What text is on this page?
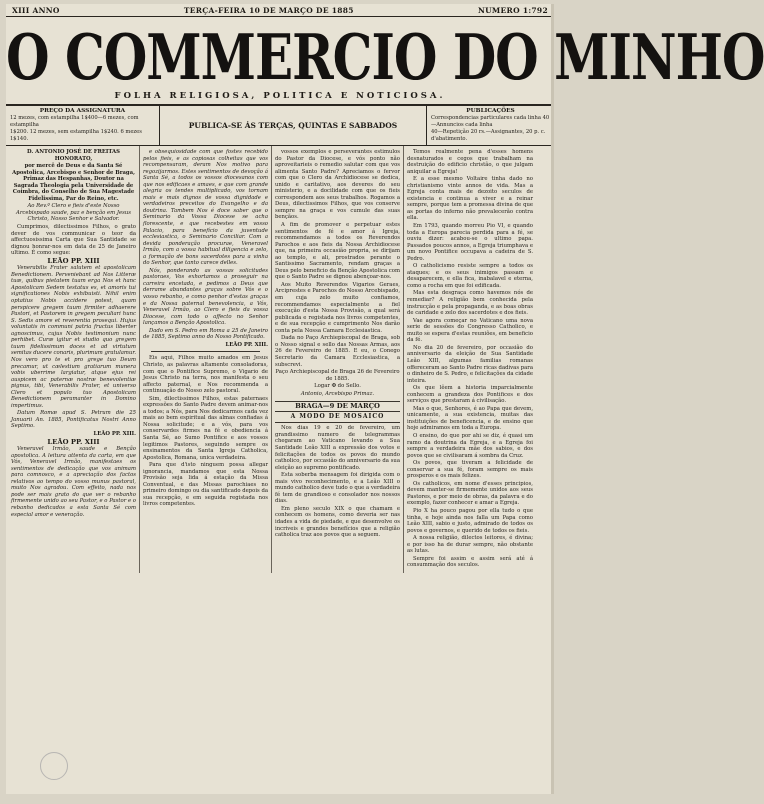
XIII ANNO	TERÇA-FEIRA 10 DE MARÇO DE 1885	NUMERO 1:792
O COMMERCIO DO MINHO
FOLHA RELIGIOSA, POLITICA E NOTICIOSA.
PREÇO DA ASSIGNATURA
12 mezes, com estampilha 1$400—6 mezes, com estampilha
1$200. 12 mezes, sem estampilha 1$240. 6 mezes 1$140.
PUBLICA-SE ÁS TERÇAS, QUINTAS E SABBADOS
PUBLICAÇÕES
Correspondencias particulares cada linha 40—Annuncios cada linha
40—Repetição 20 rs.—Assignantes, 20 p. c. d'abatimento.

D. ANTONIO JOSÉ DE FREITAS HONORATO,

por mercê de Deus e da Santa Sé Apostolica, Arcebispo e Senhor de Braga, Primaz das Hespanhas, Doutor na Sagrada Theologia pela Universidade de Coimbra, do Conselho de Sua Magestade Fidelissima, Par do Reino, etc.

Ao Rev.º Clero e fieis d'este Nosso Arcebispado saude, paz e benção em Jesus Christo, Nosso Senhor e Salvador.

Cumprimos, dilectissimos Filhos, o grato dever de vos communicar o teor da affectuosissima Carta que Sua Santidade se dignou honrar-nos em data de 25 de Janeiro ultimo. É como segue:

LEÃO PP. XIII

Venerabilis Frater salutem et apostolicam Benedictionem. Perveniebant ad Nos Litteræ tuæ, quibus pietatem tuam erga Nos et hanc Apostolicam Sedem testatus es, et amoris tui significationes Nobis exhibuisti. Nihil enim optatius Nobis accidere potest, quam perspicere gregem tuum firmiter adhaerere Pastori, et Pastorem in gregem peculiari hunc S. Sedis amore et reverentia prosequi. Hujus voluntatis in communi patria fructus liberter agnoscimus, cujus Nobis testimonium nunc perhibet. Curæ igitur et studio quo gregem tuum fidelissimum doces et ad virtutum semitas ducere conaris, plurimum gratulamur. Nos vero pro te et pro grege tuo Deum precamur, ut cælestium gratiarum munera vobis uberrime largiatur, atque ejus rei auspicem ac paternæ nostræ benevolentiæ pignus, tibi, Venerabilis Frater, et universo Clero et populo tuo Apostolicam Benedictionem peramanter in Domino impertimus.

Datum Romæ apud S. Petrum die 25 Januarii An. 1885, Pontificatus Nostri Anno Septimo.

LEÃO PP. XIII.

LEÃO PP. XIII

Veneravel Irmão, saude e Benção apostolica. A leitura attenta da carta, em que Vós, Veneravel Irmão, manifestaes os sentimentos de dedicação que vos animam para comnosco, e a apreciação dos factos relativos ao tempo do vosso munus pastoral, muito Nos agradou. Com effeito, nada nos pode ser mais grato do que ver o rebanho firmemente unido ao seu Pastor, e o Pastor e o rebanho dedicados a esta Santa Sé com especial amor e veneração.

e obsequiosidade com que fostes recebido pelos fieis, e as copiosas colheitas que vos recompensaram, deram Nos motivo para regozijarmos. Estes sentimentos de devoção á Santa Sé, a todos os vossos diocesanos com que nos edificaes e amaes, e que com grande alegria os tendes multiplicado, vos tornam mais e mais dignos de vossa dignidade e verdadeiros preceitos do Evangelho e da doutrina. Tambem Nos é doce saber que o Seminario da Vossa Diocese se acha florescente, e que recebestes em vosso Palacio, para benefício da juventude ecclesiastica, o Seminario Conciliar. Com a devida ponderação procurae, Veneravel Irmão, com a vossa habitual diligencia e zelo, a formação de bons sacerdotes para a vinha do Senhor, que tanto carece delles.

Nós, ponderando as vossas solicitudes pastoraes, Vos exhortamos a proseguir na carreira encetada, e pedimos a Deus que derrame abundantes graças sobre Vós e o vosso rebanho, e como penhor d'estas graças e da Nossa paternal benevolencia, a Vós, Veneravel Irmão, ao Clero e fieis da vossa Diocese, com todo o affecto no Senhor lançamos a Benção Apostolica.

Dado em S. Pedro em Roma a 25 de Janeiro de 1885, Septimo anno do Nosso Pontificado.

LEÃO PP. XIII.

Eis aqui, Filhos muito amados em Jesus Christo, as palavras altamente consoladoras, com que o Pontifice Supremo, o Vigario de Jesus Christo na terra, nos manifesta o seu affecto paternal, e Nos recommenda a continuação do Nosso zelo pastoral.

Sim, dilectissimos Filhos, estas paternaes expressões do Santo Padre devem animar-nos a todos; a Nós, para Nos dedicarmos cada vez mais ao bem espiritual das almas confiadas á Nossa solicitude; e a vós, para vos conservardes firmes na fé e obediencia á Santa Sé, ao Sumo Pontifice e aos vossos legitimos Pastores, seguindo sempre os ensinamentos da Santa Igreja Catholica, Apostolica, Romana, unica verdadeira.

Para que d'isto ninguem possa allegar ignorancia, mandamos que esta Nossa Provisão seja lida á estação da Missa Conventual, e das Missas parochiaes no primeiro domingo ou dia santificado depois da sua recepção, e em seguida registada nos livros competentes.

vossos exemplos e perseverantes estimulos do Pastor da Diocese, e vós ponto não aproveitarieis o remedio salutar com que vos alimenta Santo Padre? Apreciamos o fervor com que o Clero da Archidiocese se dedica, unido e caritativo, aos deveres do seu ministerio, e a docilidade com que os fieis correspondem aos seus trabalhos. Rogamos a Deus, dilectissimos Filhos, que vos conserve sempre na graça e vos cumule das suas bençãos.

A fim de promover e perpetuar estes sentimentos de fé e amor á Igreja, recommendamos a todos os Reverendos Parochos e aos fieis da Nossa Archidiocese que, na primeira occasião propria, se dirijam ao templo, e ali, prostrados perante o Santissimo Sacramento, rendam graças a Deus pelo beneficio da Benção Apostolica com que o Santo Padre se dignou abençoar-nos.

Aos Muito Reverendos Vigarios Geraes, Arciprestes e Parochos do Nosso Arcebispado, em cuja zelo muito confiamos, recommendamos especialmente a fiel execução d'esta Nossa Provisão, a qual será publicada e registada nos livros competentes, e de sua recepção e cumprimento Nos darão conta pela Nossa Camara Ecclesiastica.

Dada no Paço Archiepiscopal de Braga, sob o Nosso signal e sello das Nossas Armas, aos 26 de Fevereiro de 1885. E eu, o Conego Secretario da Camara Ecclesiastica, a subscrevi.

Paço Archiepiscopal de Braga 26 de Fevereiro de 1885.

Logar ✠ do Sello.

Antonio, Arcebispo Primaz.

BRAGA—9 DE MARÇO
A MODO DE MOSAICO

Nos dias 19 e 20 de fevereiro, um grandissimo numero de telegrammas chegaram ao Vaticano levando a Sua Santidade Leão XIII a expressão dos votos e felicitações de todos os povos do mundo catholico, por occasião do anniversario da sua eleição ao supremo pontificado.

Esta soberba mensagem foi dirigida com o mais vivo reconhecimento, e a Leão XIII o mundo catholico deve tudo o que a verdadeira fé tem de grandioso e consolador nos nossos dias.

Em pleno seculo XIX o que chamam e conhecem os homens, como deveria ser nas idades a vida de piedade, e que desenvolve os incriveis e grandes benefícios que a religião catholica traz aos povos que a seguem.

Temos realmente pena d'esses homens desnaturados e cegos que trabalham na destruição do edificio christão, o que julgam aniquilar a Egreja!

E a esse mesmo Voltaire tinha dado no christianismo vinte annos de vida. Mas a Egreja conta mais de dezoito seculos de existencia e continua a viver e a reinar sempre, porque tem a promessa divina de que as portas do inferno não prevalecerão contra ella.

Em 1793, quando morreu Pio VI, e quando toda a Europa parecia perdida para a fé, se ouviu dizer: acabou-se o ultimo papa. Passados poucos annos, a Egreja triumphava e um novo Pontifice occupava a cadeira de S. Pedro.

O catholicismo resiste sempre a todos os ataques; e os seus inimigos passam e desaparecem, e ella fica, inabalavel e eterna, como a rocha em que foi edificada.

Mas esta desgraça como havemos nós de remediar? A religião bem conhecida pela instrucção e pela propaganda, e as boas obras de caridade e zelo dos sacerdotes e dos fieis.

Vae agora começar no Vaticano uma nova serie de sessões do Congresso Catholico, e muito se espera d'estas reuniões, em beneficio da fé.

No dia 20 de fevereiro, por occasião do anniversario da eleição de Sua Santidade Leão XIII, algumas familias romanas offereceram ao Santo Padre ricas dadivas para o dinheiro de S. Pedro, e felicitações da cidade inteira.

Os que lêem a historia imparcialmente conhecem a grandeza dos Pontifices e dos serviços que prestaram á civilisação.

Mas o que, Senhores, é ao Papa que devem, unicamente, a sua existencia, muitas das instituições de beneficencia, e de ensino que hoje admiramos em toda a Europa.

O ensino, do que por ahi se diz, é quasi um ramo da doutrina da Egreja, e a Egreja foi sempre a verdadeira mãe dos sabios, e dos povos que se civilisaram á sombra da Cruz.

Os povos, que tiveram a felicidade de conservar a sua fé, foram sempre os mais prosperos e os mais felizes.

Os catholicos, em nome d'esses principios, devem manter-se firmemente unidos aos seus Pastores, e por meio de obras, da palavra e do exemplo, fazer conhecer e amar a Egreja.

Pio X ha pouco pagou por ella tudo o que tinha, e hoje ainda nos falla um Papa como Leão XIII, sabio e justo, admirado de todos os povos e governos, e querido de todos os fieis.

A nossa religião, dilectos leitores, é divina; e por isso ha de durar sempre, não obstante as lutas.

Sempre foi assim e assim será até á consummação dos seculos.
